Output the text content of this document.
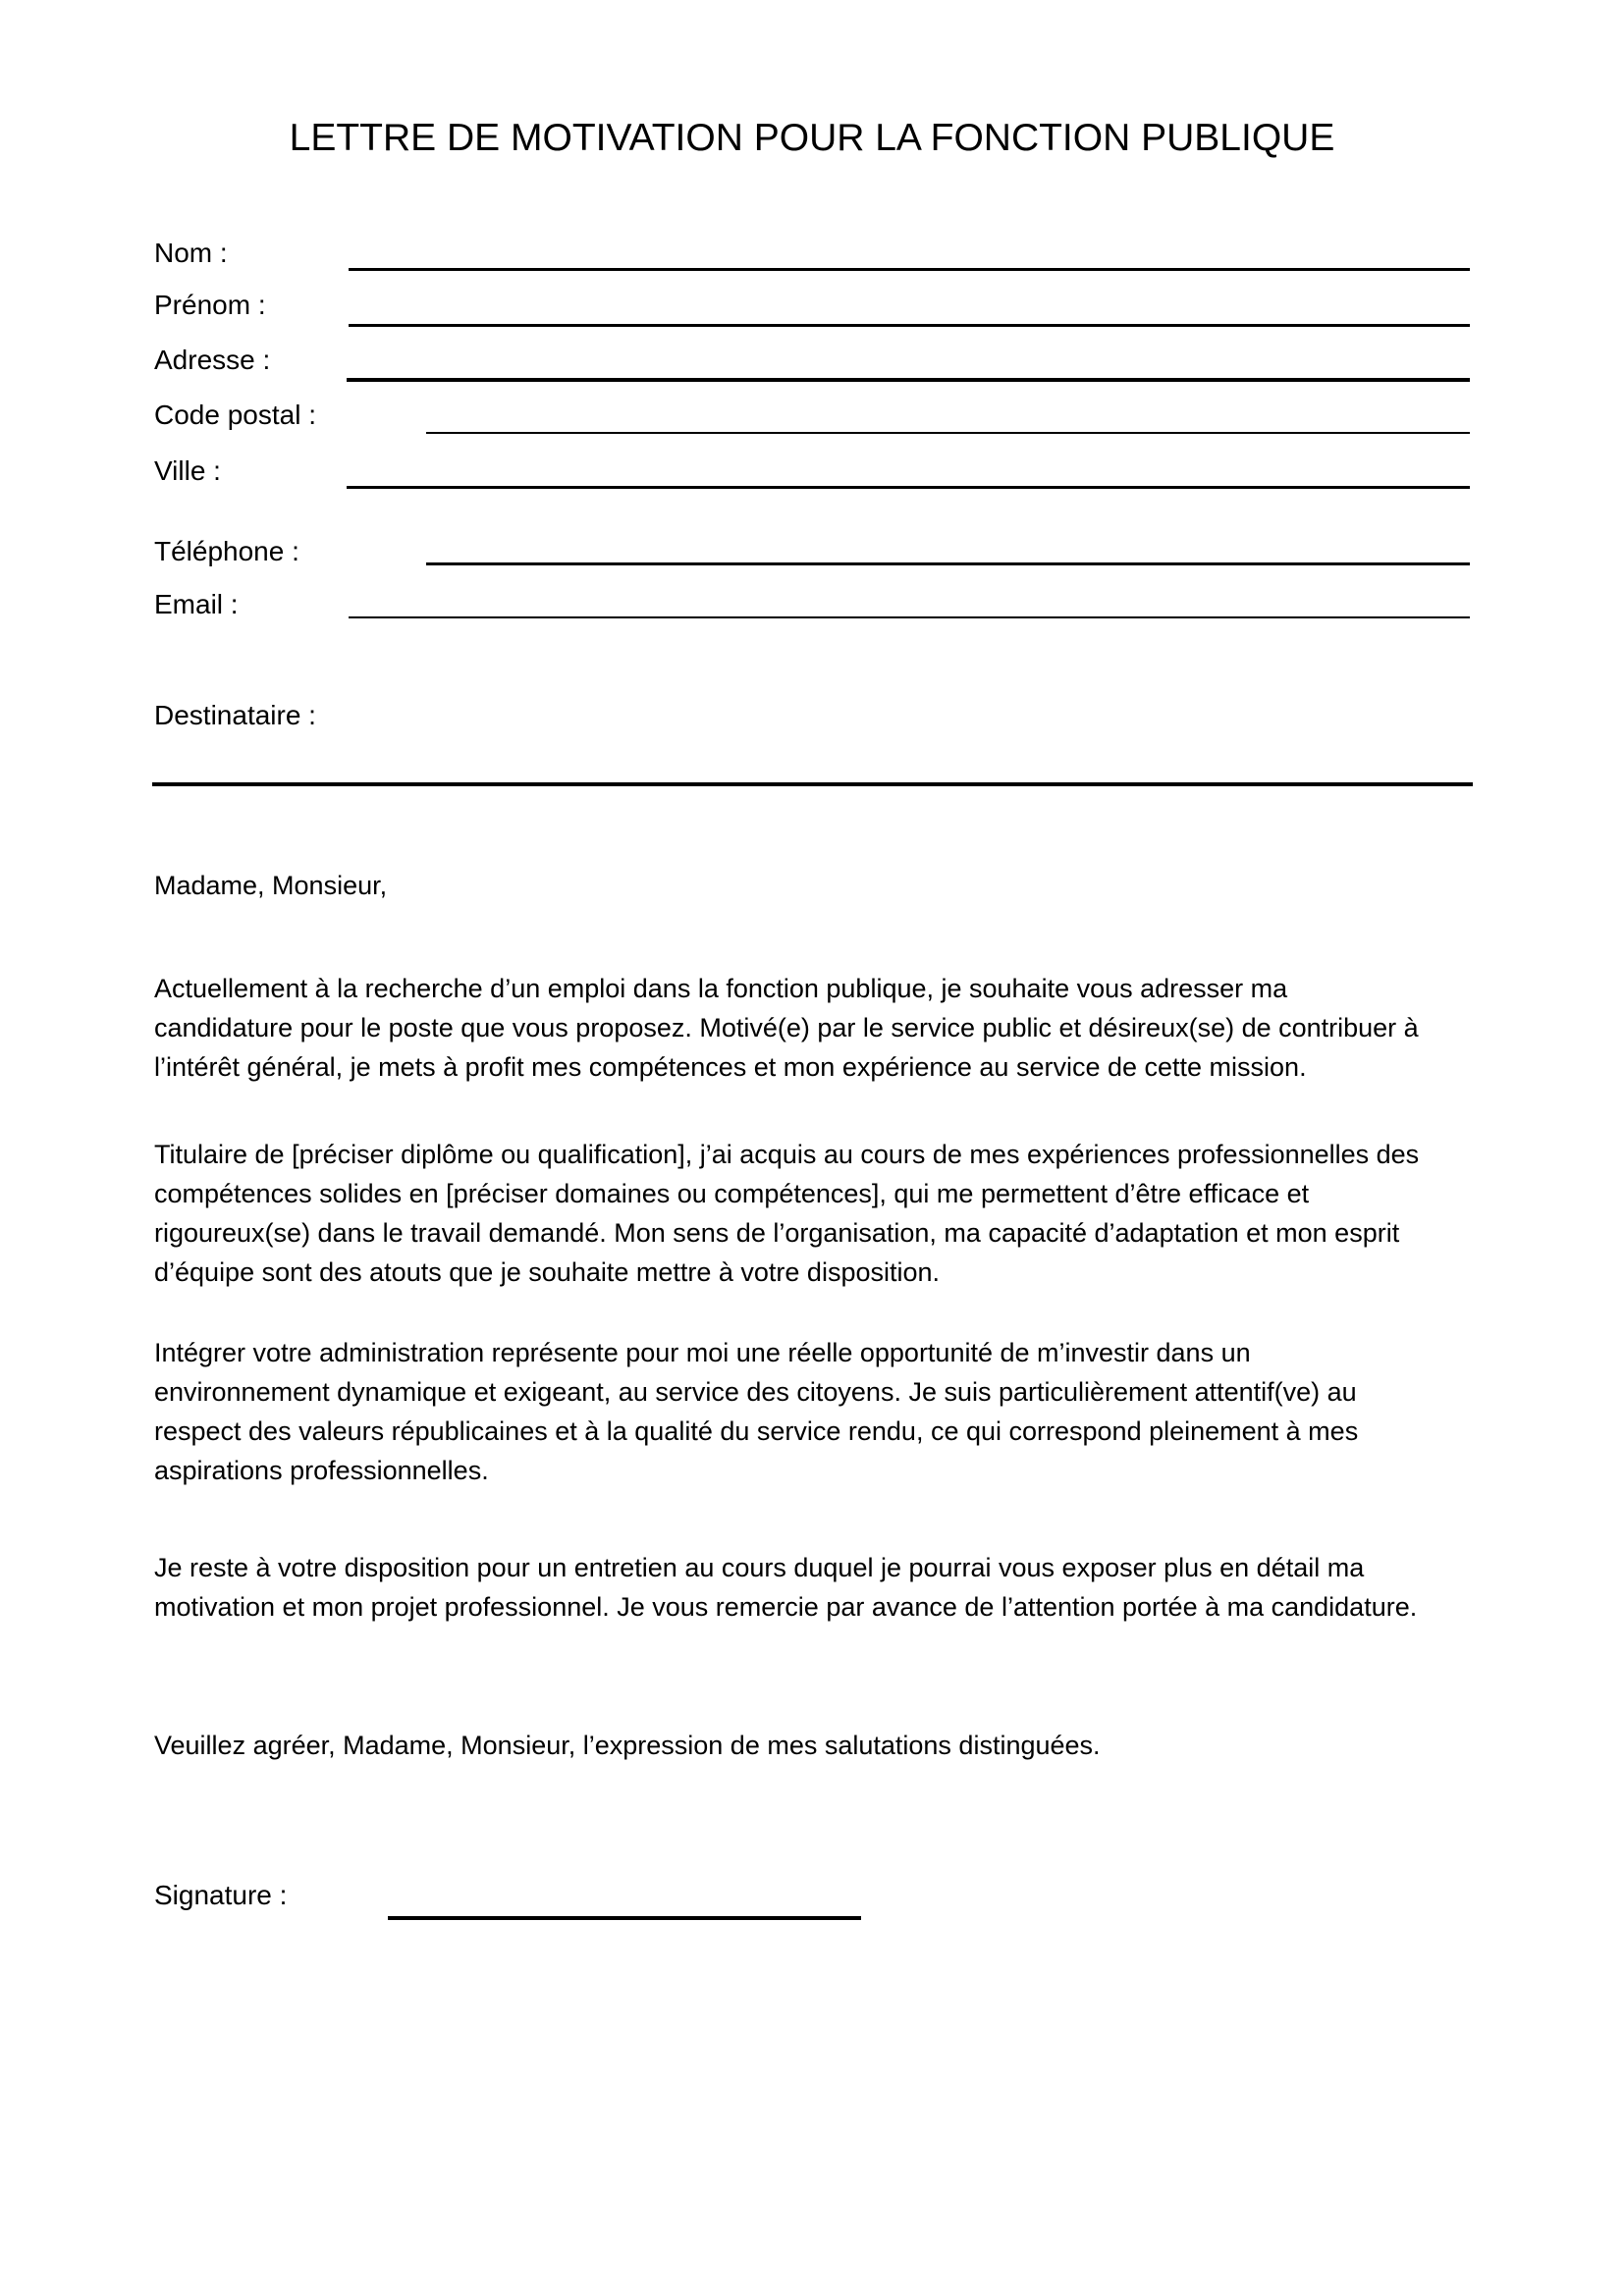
LETTRE DE MOTIVATION POUR LA FONCTION PUBLIQUE
Nom :
Prénom :
Adresse :
Code postal :
Ville :
Téléphone :
Email :
Destinataire :
Madame, Monsieur,
Actuellement à la recherche d’un emploi dans la fonction publique, je souhaite vous adresser ma
candidature pour le poste que vous proposez. Motivé(e) par le service public et désireux(se) de contribuer à
l’intérêt général, je mets à profit mes compétences et mon expérience au service de cette mission.
Titulaire de [préciser diplôme ou qualification], j’ai acquis au cours de mes expériences professionnelles des
compétences solides en [préciser domaines ou compétences], qui me permettent d’être efficace et
rigoureux(se) dans le travail demandé. Mon sens de l’organisation, ma capacité d’adaptation et mon esprit
d’équipe sont des atouts que je souhaite mettre à votre disposition.
Intégrer votre administration représente pour moi une réelle opportunité de m’investir dans un
environnement dynamique et exigeant, au service des citoyens. Je suis particulièrement attentif(ve) au
respect des valeurs républicaines et à la qualité du service rendu, ce qui correspond pleinement à mes
aspirations professionnelles.
Je reste à votre disposition pour un entretien au cours duquel je pourrai vous exposer plus en détail ma
motivation et mon projet professionnel. Je vous remercie par avance de l’attention portée à ma candidature.
Veuillez agréer, Madame, Monsieur, l’expression de mes salutations distinguées.
Signature :
